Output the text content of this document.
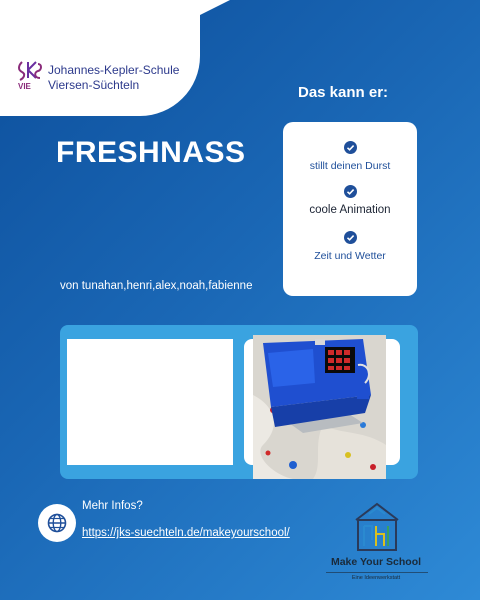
VIE
Johannes-Kepler-Schule
Viersen-Süchteln	Das kann er:
FRESHNASS	stillt deinen Durst
coole Animation
Zeit und Wetter
von tunahan,henri,alex,noah,fabienne
Mehr Infos?
https://jks-suechteln.de/makeyourschool/
Make Your School
Eine Ideenwerkstatt
